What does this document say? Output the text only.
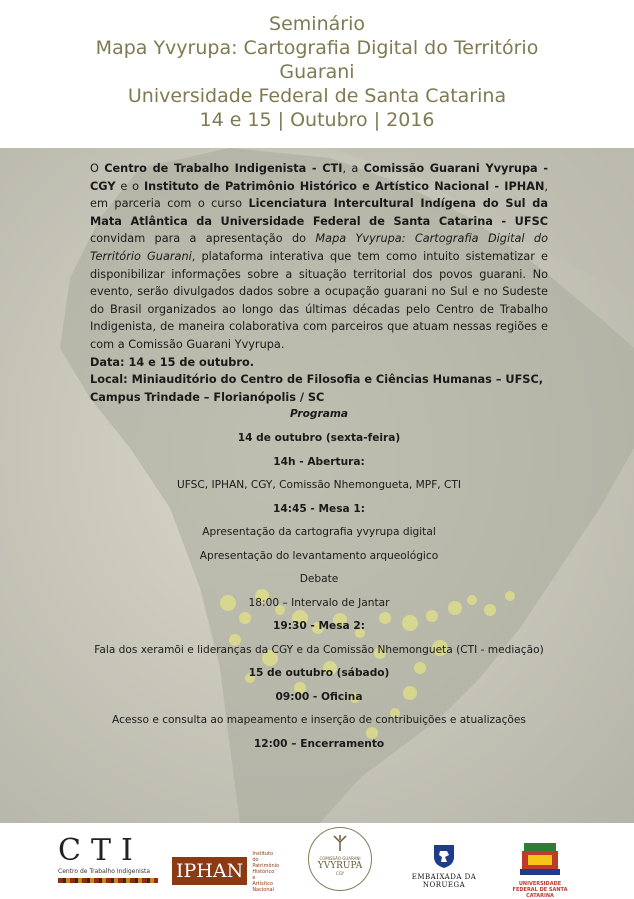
Seminário
Mapa Yvyrupa: Cartografia Digital do Território
Guarani
Universidade Federal de Santa Catarina
14 e 15 | Outubro | 2016

O Centro de Trabalho Indigenista - CTI, a Comissão Guarani Yvyrupa - CGY e o Instituto de Patrimônio Histórico e Artístico Nacional - IPHAN, em parceria com o curso Licenciatura Intercultural Indígena do Sul da Mata Atlântica da Universidade Federal de Santa Catarina - UFSC convidam para a apresentação do Mapa Yvyrupa: Cartografia Digital do Território Guarani, plataforma interativa que tem como intuito sistematizar e disponibilizar informações sobre a situação territorial dos povos guarani. No evento, serão divulgados dados sobre a ocupação guarani no Sul e no Sudeste do Brasil organizados ao longo das últimas décadas pelo Centro de Trabalho Indigenista, de maneira colaborativa com parceiros que atuam nessas regiões e com a Comissão Guarani Yvyrupa.

Data: 14 e 15 de outubro.

Local: Miniauditório do Centro de Filosofia e Ciências Humanas – UFSC, Campus Trindade – Florianópolis / SC

Programa

14 de outubro (sexta-feira)

14h - Abertura:

UFSC, IPHAN, CGY, Comissão Nhemongueta, MPF, CTI

14:45 - Mesa 1:

Apresentação da cartografia yvyrupa digital

Apresentação do levantamento arqueológico

Debate

18:00 – Intervalo de Jantar

19:30 - Mesa 2:

Fala dos xeramõi e lideranças da CGY e da Comissão Nhemongueta (CTI - mediação)

15 de outubro (sábado)

09:00 - Oficina

Acesso e consulta ao mapeamento e inserção de contribuições e atualizações

12:00 – Encerramento

CTI
Centro de Trabalho Indigenista	IPHAN Instituto do Patrimônio Histórico e Artístico Nacional
COMISSÃO GUARANI
YVYRUPA
CGY	EMBAIXADA DA NORUEGA	UNIVERSIDADE FEDERAL DE SANTA CATARINA
